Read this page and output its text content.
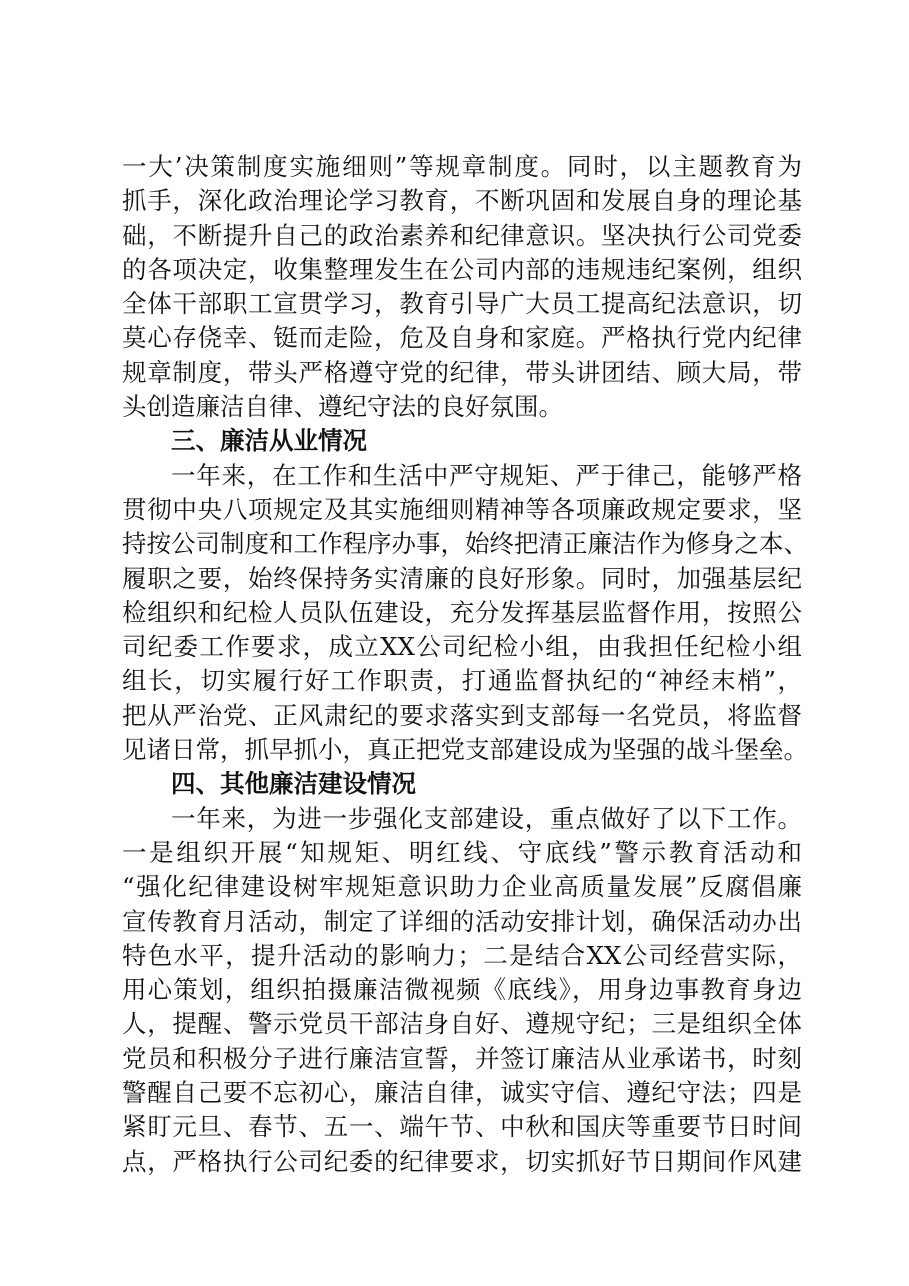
一大’决策制度实施细则”等规章制度。同时，以主题教育为
抓手，深化政治理论学习教育，不断巩固和发展自身的理论基
础，不断提升自己的政治素养和纪律意识。坚决执行公司党委
的各项决定，收集整理发生在公司内部的违规违纪案例，组织
全体干部职工宣贯学习，教育引导广大员工提高纪法意识，切
莫心存侥幸、铤而走险，危及自身和家庭。严格执行党内纪律
规章制度，带头严格遵守党的纪律，带头讲团结、顾大局，带
头创造廉洁自律、遵纪守法的良好氛围。
三、廉洁从业情况
一年来，在工作和生活中严守规矩、严于律己，能够严格
贯彻中央八项规定及其实施细则精神等各项廉政规定要求，坚
持按公司制度和工作程序办事，始终把清正廉洁作为修身之本、
履职之要，始终保持务实清廉的良好形象。同时，加强基层纪
检组织和纪检人员队伍建设，充分发挥基层监督作用，按照公
司纪委工作要求，成立XX公司纪检小组，由我担任纪检小组
组长，切实履行好工作职责，打通监督执纪的“神经末梢”，
把从严治党、正风肃纪的要求落实到支部每一名党员，将监督
见诸日常，抓早抓小，真正把党支部建设成为坚强的战斗堡垒。
四、其他廉洁建设情况
一年来，为进一步强化支部建设，重点做好了以下工作。
一是组织开展“知规矩、明红线、守底线”警示教育活动和
“强化纪律建设树牢规矩意识助力企业高质量发展”反腐倡廉
宣传教育月活动，制定了详细的活动安排计划，确保活动办出
特色水平，提升活动的影响力；二是结合XX公司经营实际，
用心策划，组织拍摄廉洁微视频《底线》，用身边事教育身边
人，提醒、警示党员干部洁身自好、遵规守纪；三是组织全体
党员和积极分子进行廉洁宣誓，并签订廉洁从业承诺书，时刻
警醒自己要不忘初心，廉洁自律，诚实守信、遵纪守法；四是
紧盯元旦、春节、五一、端午节、中秋和国庆等重要节日时间
点，严格执行公司纪委的纪律要求，切实抓好节日期间作风建
